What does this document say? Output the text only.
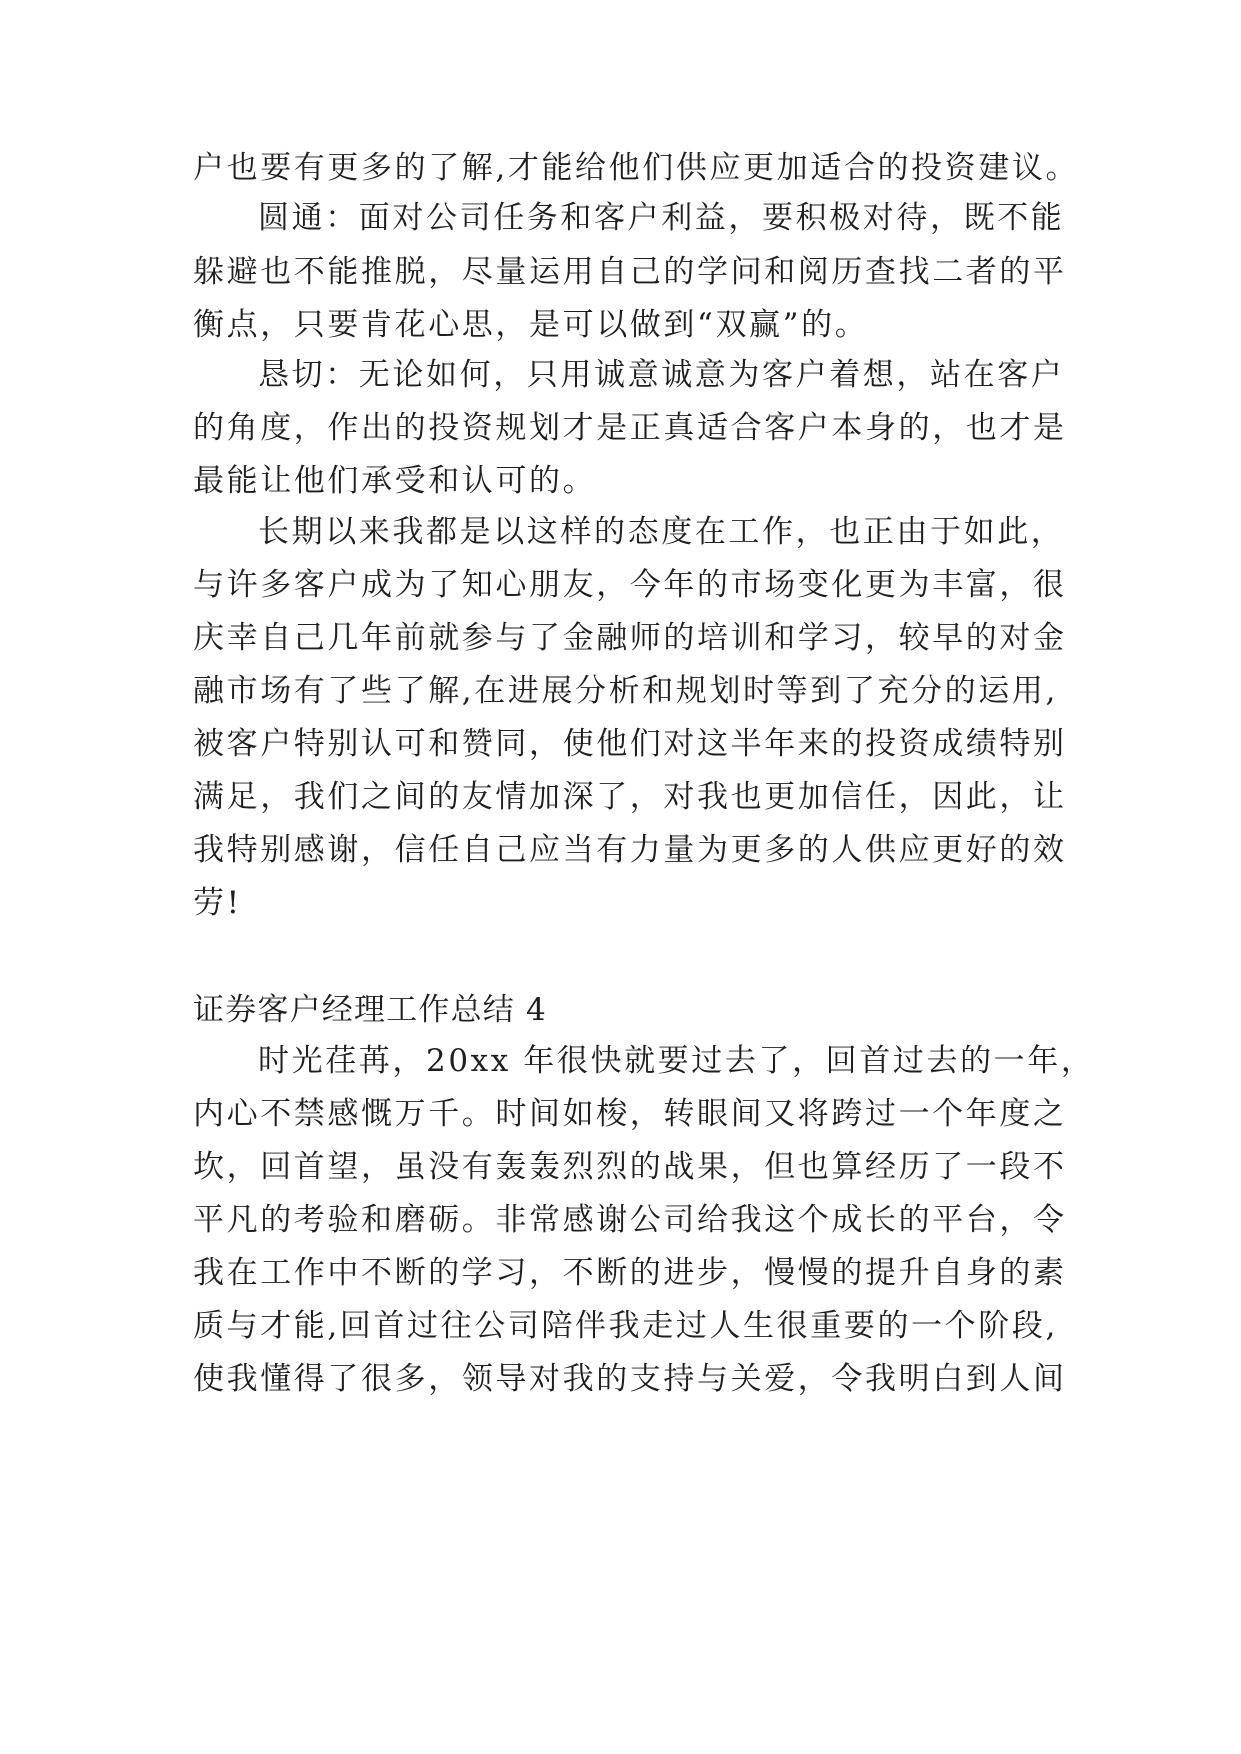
户也要有更多的了解,才能给他们供应更加适合的投资建议。

圆通：面对公司任务和客户利益，要积极对待，既不能

躲避也不能推脱，尽量运用自己的学问和阅历查找二者的平

衡点，只要肯花心思，是可以做到“双赢”的。

恳切：无论如何，只用诚意诚意为客户着想，站在客户

的角度，作出的投资规划才是正真适合客户本身的，也才是

最能让他们承受和认可的。

长期以来我都是以这样的态度在工作，也正由于如此，

与许多客户成为了知心朋友，今年的市场变化更为丰富，很

庆幸自己几年前就参与了金融师的培训和学习，较早的对金

融市场有了些了解,在进展分析和规划时等到了充分的运用,

被客户特别认可和赞同，使他们对这半年来的投资成绩特别

满足，我们之间的友情加深了，对我也更加信任，因此，让

我特别感谢，信任自己应当有力量为更多的人供应更好的效

劳!

证券客户经理工作总结 4

时光荏苒，20xx 年很快就要过去了，回首过去的一年，

内心不禁感慨万千。时间如梭，转眼间又将跨过一个年度之

坎，回首望，虽没有轰轰烈烈的战果，但也算经历了一段不

平凡的考验和磨砺。非常感谢公司给我这个成长的平台，令

我在工作中不断的学习，不断的进步，慢慢的提升自身的素

质与才能,回首过往公司陪伴我走过人生很重要的一个阶段,

使我懂得了很多，领导对我的支持与关爱，令我明白到人间
